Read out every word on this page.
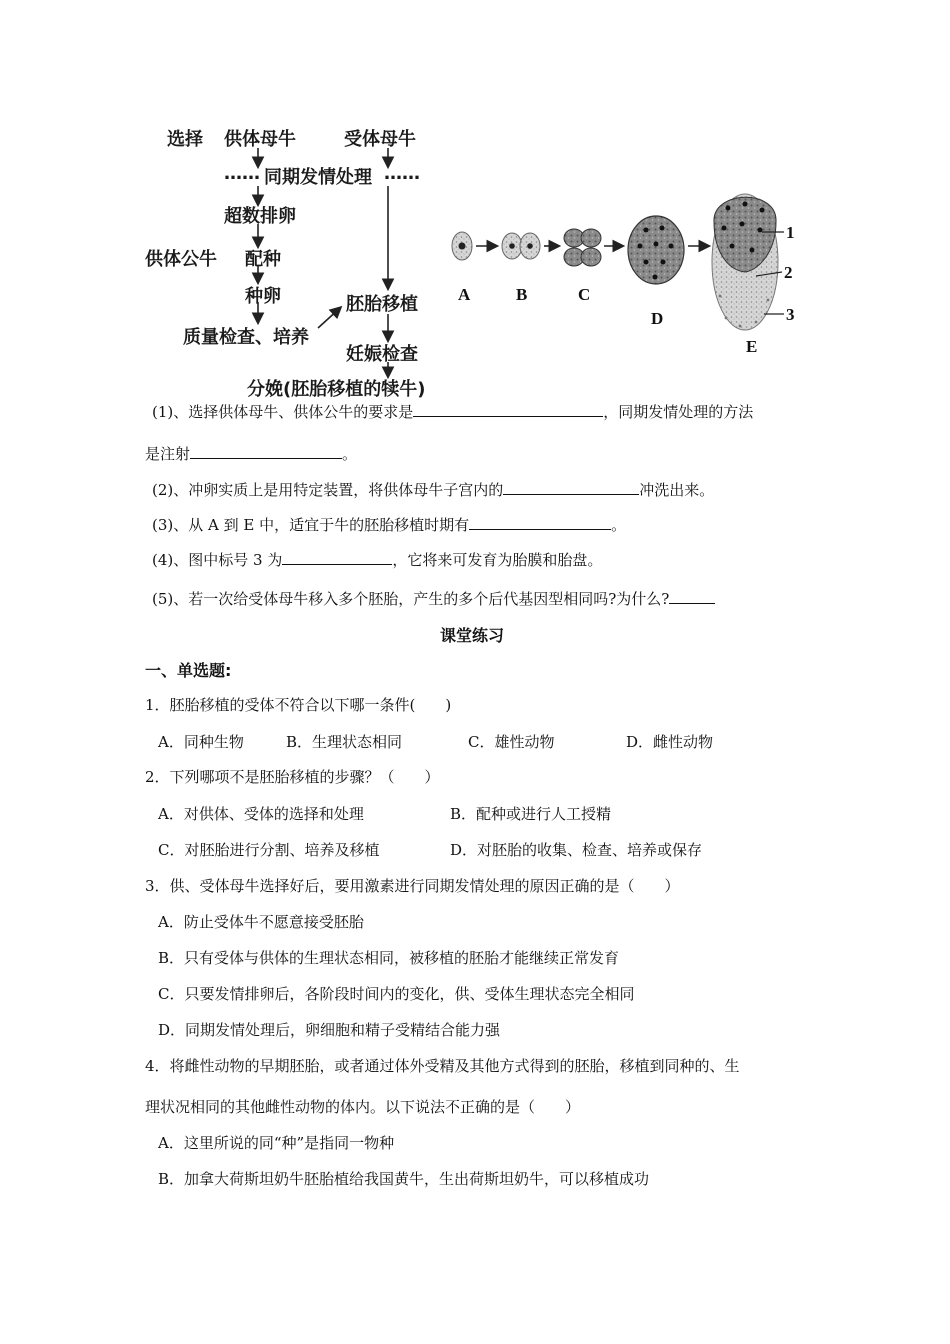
选择 供体母牛	受体母牛
…… 同期发情处理 ……
超数排卵
供体公牛 配种
种卵	胚胎移植
质量检查、培养
妊娠检查
分娩(胚胎移植的犊牛)
A	B	C
D
E
1
2
3
(1)、选择供体母牛、供体公牛的要求是	，同期发情处理的方法
是注射	。
(2)、冲卵实质上是用特定装置，将供体母牛子宫内的	冲洗出来。
(3)、从 A 到 E 中，适宜于牛的胚胎移植时期有	。
(4)、图中标号 3 为	，它将来可发育为胎膜和胎盘。
(5)、若一次给受体母牛移入多个胚胎，产生的多个后代基因型相同吗?为什么?
课堂练习
一、单选题:
1．胚胎移植的受体不符合以下哪一条件(　　)
A．同种生物	B．生理状态相同	C．雄性动物	D．雌性动物
2．下列哪项不是胚胎移植的步骤？（　　）
A．对供体、受体的选择和处理	B．配种或进行人工授精
C．对胚胎进行分割、培养及移植	D．对胚胎的收集、检查、培养或保存
3．供、受体母牛选择好后，要用激素进行同期发情处理的原因正确的是（　　）
A．防止受体牛不愿意接受胚胎
B．只有受体与供体的生理状态相同，被移植的胚胎才能继续正常发育
C．只要发情排卵后，各阶段时间内的变化，供、受体生理状态完全相同
D．同期发情处理后，卵细胞和精子受精结合能力强
4．将雌性动物的早期胚胎，或者通过体外受精及其他方式得到的胚胎，移植到同种的、生
理状况相同的其他雌性动物的体内。以下说法不正确的是（　　）
A．这里所说的同“种”是指同一物种
B．加拿大荷斯坦奶牛胚胎植给我国黄牛，生出荷斯坦奶牛，可以移植成功
